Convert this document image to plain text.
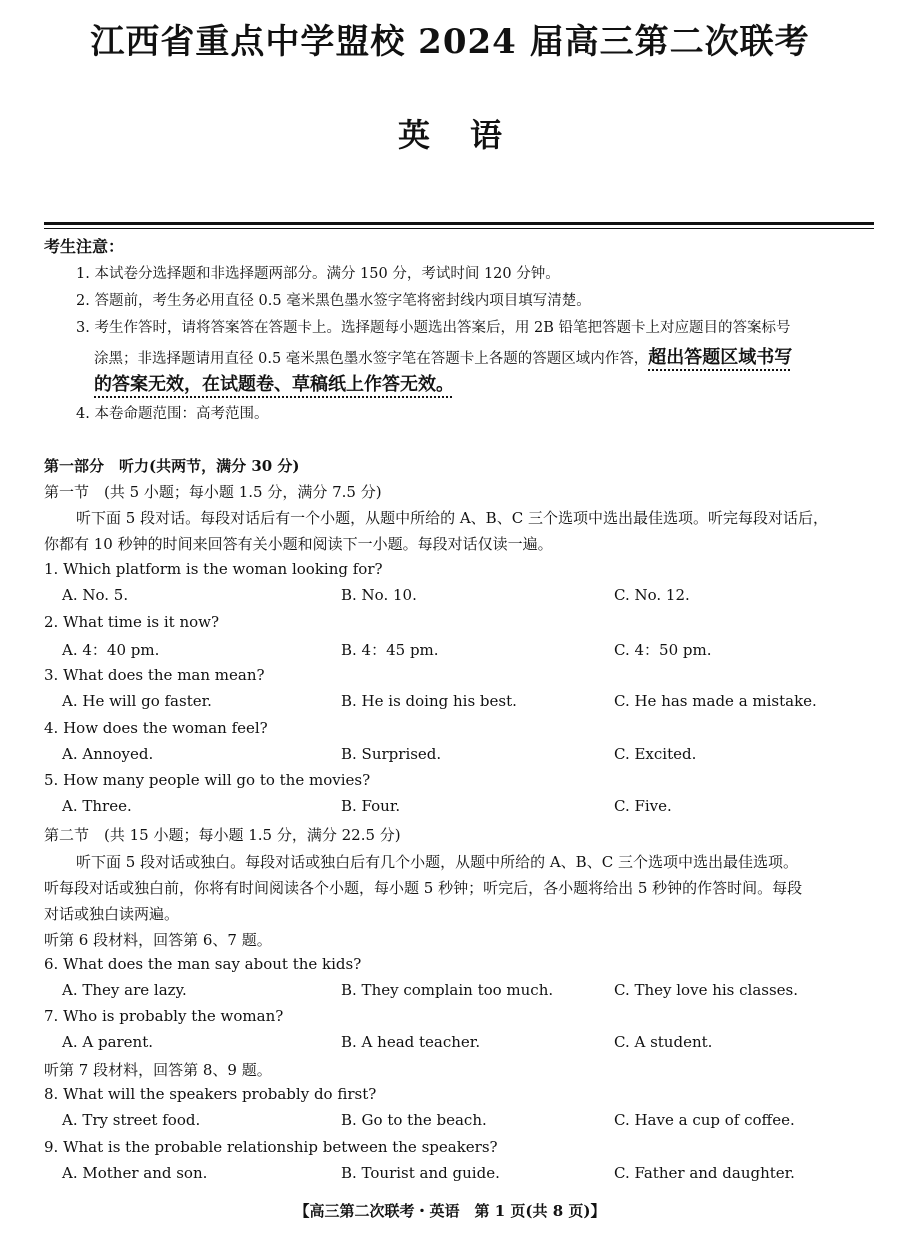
江西省重点中学盟校 2024 届高三第二次联考
英语
考生注意：
1. 本试卷分选择题和非选择题两部分。满分 150 分，考试时间 120 分钟。
2. 答题前，考生务必用直径 0.5 毫米黑色墨水签字笔将密封线内项目填写清楚。
3. 考生作答时，请将答案答在答题卡上。选择题每小题选出答案后，用 2B 铅笔把答题卡上对应题目的答案标号
涂黑；非选择题请用直径 0.5 毫米黑色墨水签字笔在答题卡上各题的答题区域内作答，超出答题区域书写
的答案无效，在试题卷、草稿纸上作答无效。
4. 本卷命题范围：高考范围。
第一部分　听力(共两节，满分 30 分)
第一节　(共 5 小题；每小题 1.5 分，满分 7.5 分)
听下面 5 段对话。每段对话后有一个小题，从题中所给的 A、B、C 三个选项中选出最佳选项。听完每段对话后，
你都有 10 秒钟的时间来回答有关小题和阅读下一小题。每段对话仅读一遍。
1. Which platform is the woman looking for?
A. No. 5.	B. No. 10.	C. No. 12.
2. What time is it now?
A. 4：40 pm.	B. 4：45 pm.	C. 4：50 pm.
3. What does the man mean?
A. He will go faster.	B. He is doing his best.	C. He has made a mistake.
4. How does the woman feel?
A. Annoyed.	B. Surprised.	C. Excited.
5. How many people will go to the movies?
A. Three.	B. Four.	C. Five.
第二节　(共 15 小题；每小题 1.5 分，满分 22.5 分)
听下面 5 段对话或独白。每段对话或独白后有几个小题，从题中所给的 A、B、C 三个选项中选出最佳选项。
听每段对话或独白前，你将有时间阅读各个小题，每小题 5 秒钟；听完后，各小题将给出 5 秒钟的作答时间。每段
对话或独白读两遍。
听第 6 段材料，回答第 6、7 题。
6. What does the man say about the kids?
A. They are lazy.	B. They complain too much.	C. They love his classes.
7. Who is probably the woman?
A. A parent.	B. A head teacher.	C. A student.
听第 7 段材料，回答第 8、9 题。
8. What will the speakers probably do first?
A. Try street food.	B. Go to the beach.	C. Have a cup of coffee.
9. What is the probable relationship between the speakers?
A. Mother and son.	B. Tourist and guide.	C. Father and daughter.
【高三第二次联考・英语　第 1 页(共 8 页)】
